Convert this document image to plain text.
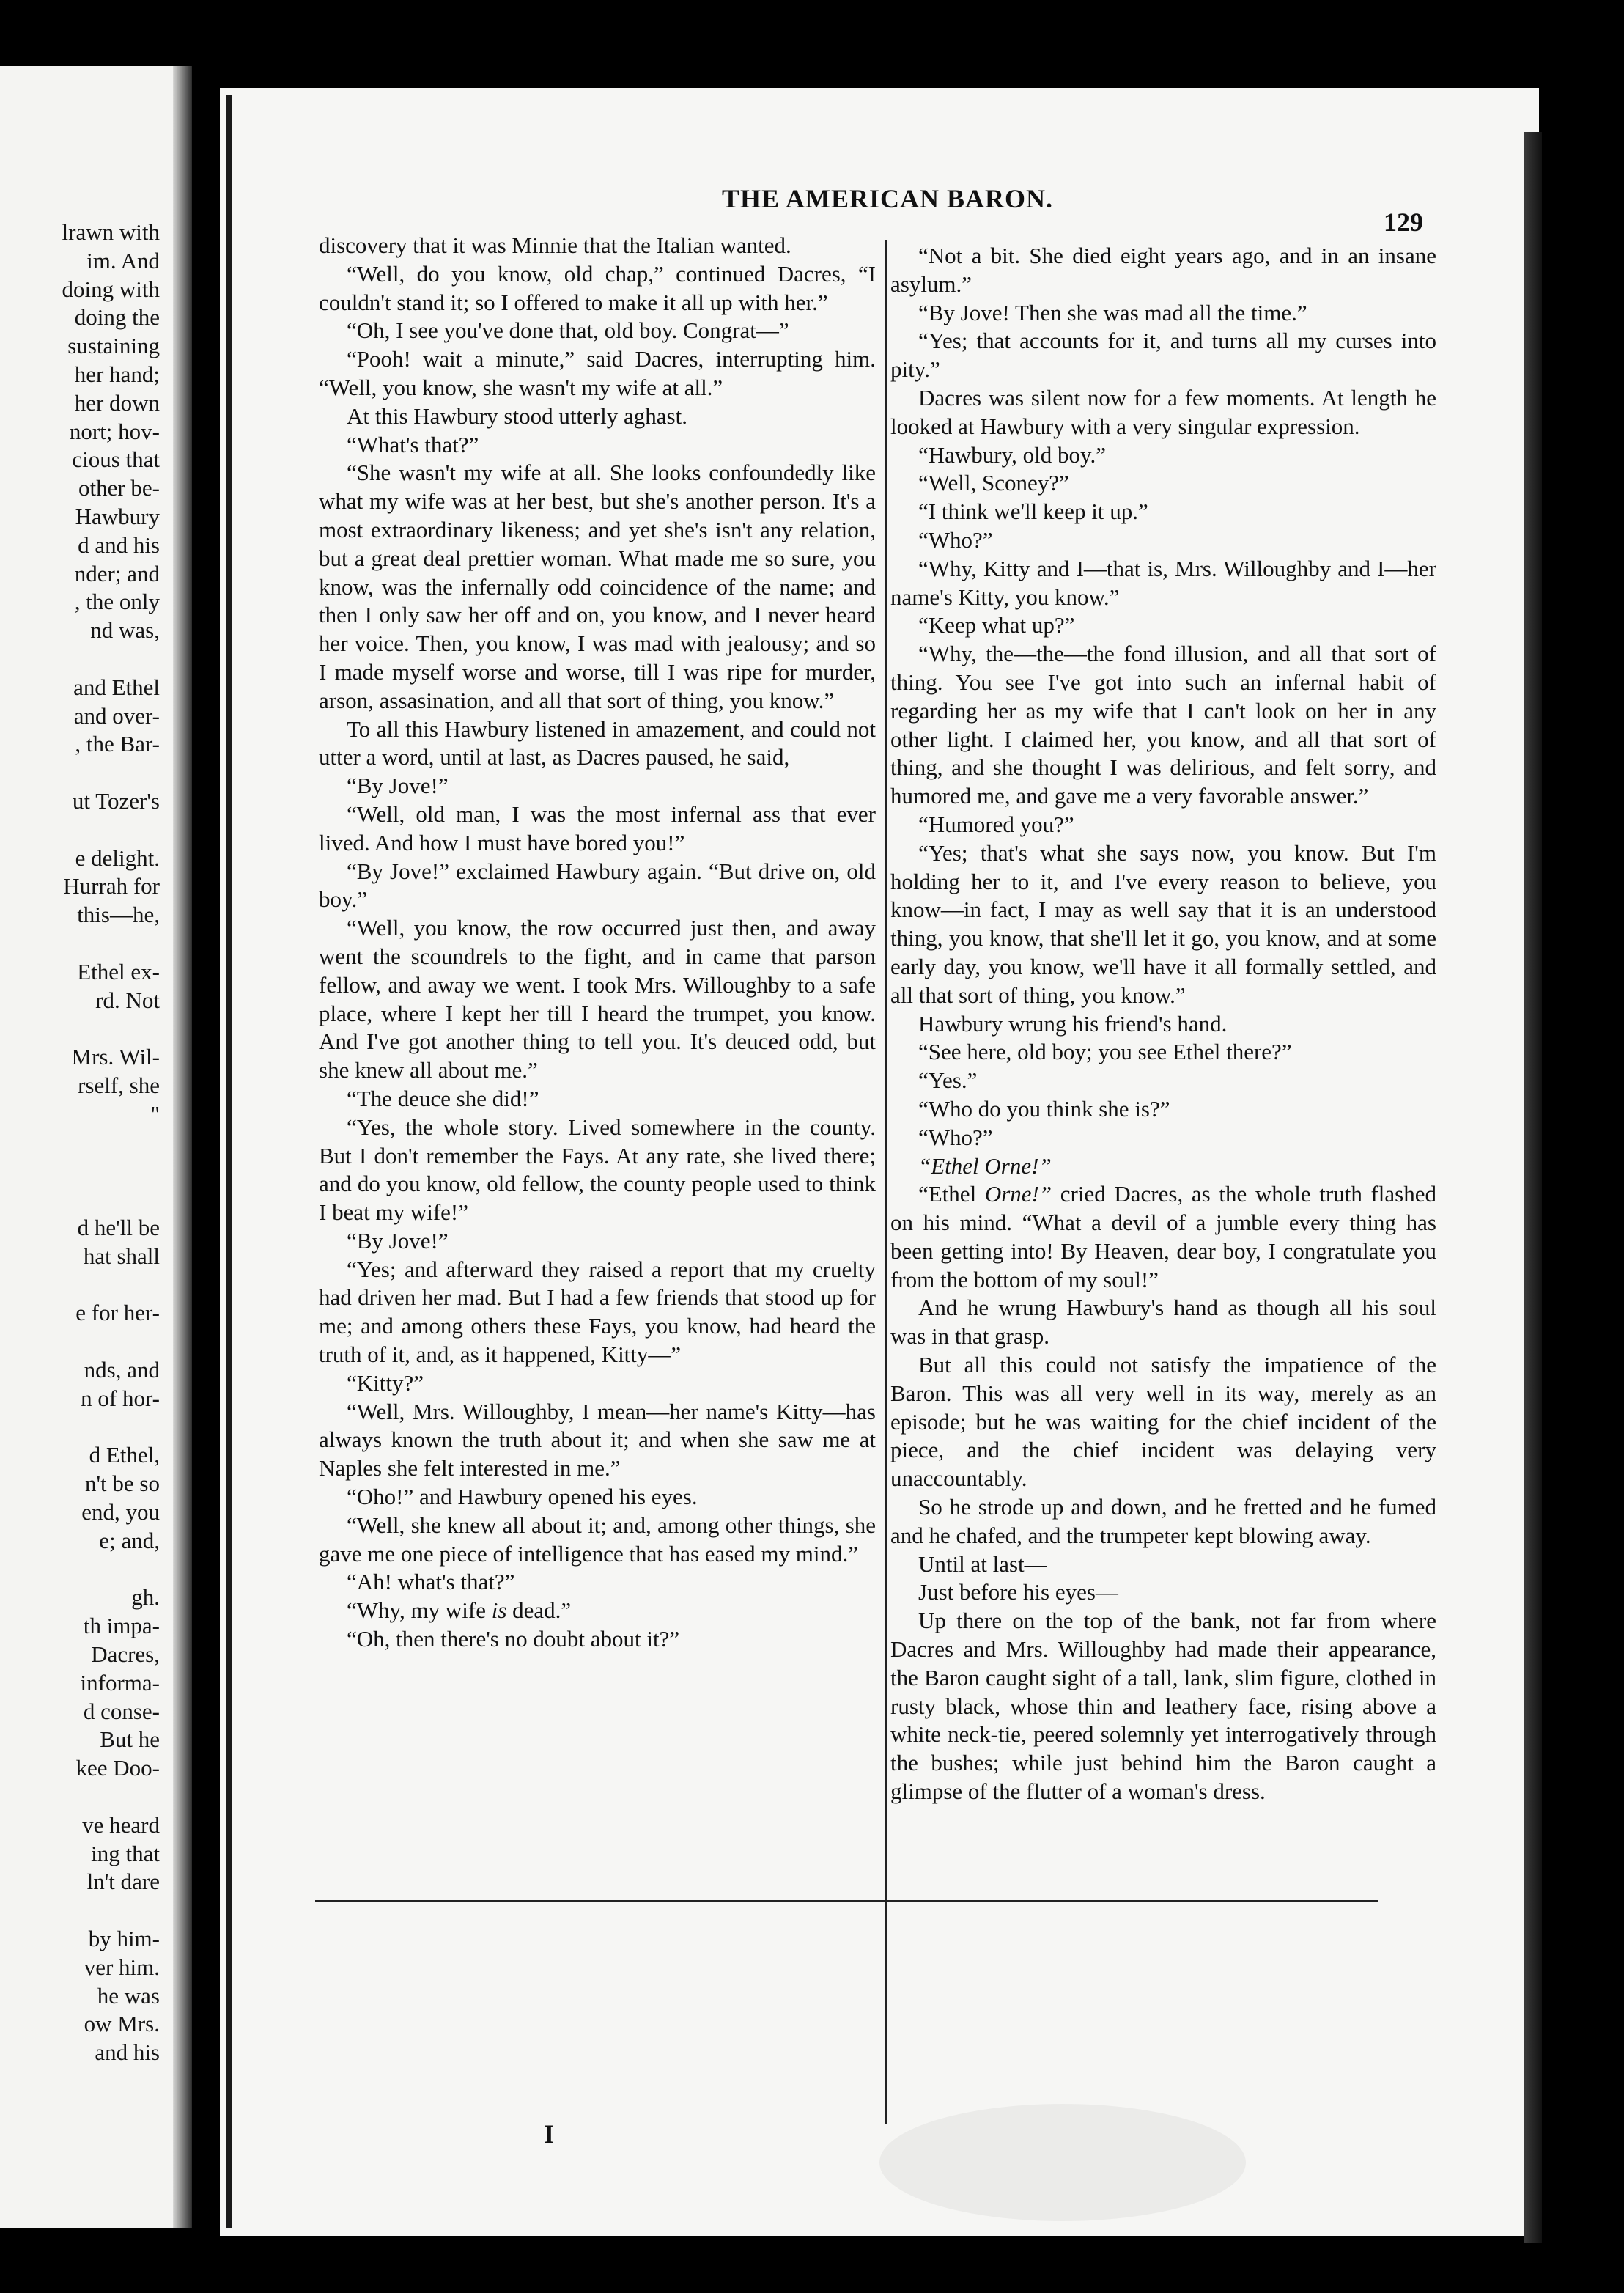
lrawn with
im. And
doing with
doing the
sustaining
her hand;
her down
nort; hov-
cious that
other be-
Hawbury
d and his
nder; and
, the only
nd was,
and Ethel
and over-
, the Bar-
ut Tozer's
e delight.
Hurrah for
this—he,
Ethel ex-
rd. Not
Mrs. Wil-
rself, she
"
d he'll be
hat shall
e for her-
nds, and
n of hor-
d Ethel,
n't be so
end, you
e; and,
gh.
th impa-
Dacres,
informa-
d conse-
But he
kee Doo-
ve heard
ing that
ln't dare
by him-
ver him.
he was
ow Mrs.
and his
THE AMERICAN BARON.
129

discovery that it was Minnie that the Italian wanted.

“Well, do you know, old chap,” continued Dacres, “I couldn't stand it; so I offered to make it all up with her.”

“Oh, I see you've done that, old boy. Congrat—”

“Pooh! wait a minute,” said Dacres, interrupting him. “Well, you know, she wasn't my wife at all.”

At this Hawbury stood utterly aghast.

“What's that?”

“She wasn't my wife at all. She looks confoundedly like what my wife was at her best, but she's another person. It's a most extraordinary likeness; and yet she's isn't any relation, but a great deal prettier woman. What made me so sure, you know, was the infernally odd coincidence of the name; and then I only saw her off and on, you know, and I never heard her voice. Then, you know, I was mad with jealousy; and so I made myself worse and worse, till I was ripe for murder, arson, assasination, and all that sort of thing, you know.”

To all this Hawbury listened in amazement, and could not utter a word, until at last, as Dacres paused, he said,

“By Jove!”

“Well, old man, I was the most infernal ass that ever lived. And how I must have bored you!”

“By Jove!” exclaimed Hawbury again. “But drive on, old boy.”

“Well, you know, the row occurred just then, and away went the scoundrels to the fight, and in came that parson fellow, and away we went. I took Mrs. Willoughby to a safe place, where I kept her till I heard the trumpet, you know. And I've got another thing to tell you. It's deuced odd, but she knew all about me.”

“The deuce she did!”

“Yes, the whole story. Lived somewhere in the county. But I don't remember the Fays. At any rate, she lived there; and do you know, old fellow, the county people used to think I beat my wife!”

“By Jove!”

“Yes; and afterward they raised a report that my cruelty had driven her mad. But I had a few friends that stood up for me; and among others these Fays, you know, had heard the truth of it, and, as it happened, Kitty—”

“Kitty?”

“Well, Mrs. Willoughby, I mean—her name's Kitty—has always known the truth about it; and when she saw me at Naples she felt interested in me.”

“Oho!” and Hawbury opened his eyes.

“Well, she knew all about it; and, among other things, she gave me one piece of intelligence that has eased my mind.”

“Ah! what's that?”

“Why, my wife is dead.”

“Oh, then there's no doubt about it?”

“Not a bit. She died eight years ago, and in an insane asylum.”

“By Jove! Then she was mad all the time.”

“Yes; that accounts for it, and turns all my curses into pity.”

Dacres was silent now for a few moments. At length he looked at Hawbury with a very singular expression.

“Hawbury, old boy.”

“Well, Sconey?”

“I think we'll keep it up.”

“Who?”

“Why, Kitty and I—that is, Mrs. Willoughby and I—her name's Kitty, you know.”

“Keep what up?”

“Why, the—the—the fond illusion, and all that sort of thing. You see I've got into such an infernal habit of regarding her as my wife that I can't look on her in any other light. I claimed her, you know, and all that sort of thing, and she thought I was delirious, and felt sorry, and humored me, and gave me a very favorable answer.”

“Humored you?”

“Yes; that's what she says now, you know. But I'm holding her to it, and I've every reason to believe, you know—in fact, I may as well say that it is an understood thing, you know, that she'll let it go, you know, and at some early day, you know, we'll have it all formally settled, and all that sort of thing, you know.”

Hawbury wrung his friend's hand.

“See here, old boy; you see Ethel there?”

“Yes.”

“Who do you think she is?”

“Who?”

“Ethel Orne!”

“Ethel Orne!” cried Dacres, as the whole truth flashed on his mind. “What a devil of a jumble every thing has been getting into! By Heaven, dear boy, I congratulate you from the bottom of my soul!”

And he wrung Hawbury's hand as though all his soul was in that grasp.

But all this could not satisfy the impatience of the Baron. This was all very well in its way, merely as an episode; but he was waiting for the chief incident of the piece, and the chief incident was delaying very unaccountably.

So he strode up and down, and he fretted and he fumed and he chafed, and the trumpeter kept blowing away.

Until at last—

Just before his eyes—

Up there on the top of the bank, not far from where Dacres and Mrs. Willoughby had made their appearance, the Baron caught sight of a tall, lank, slim figure, clothed in rusty black, whose thin and leathery face, rising above a white neck-tie, peered solemnly yet interrogatively through the bushes; while just behind him the Baron caught a glimpse of the flutter of a woman's dress.

I
